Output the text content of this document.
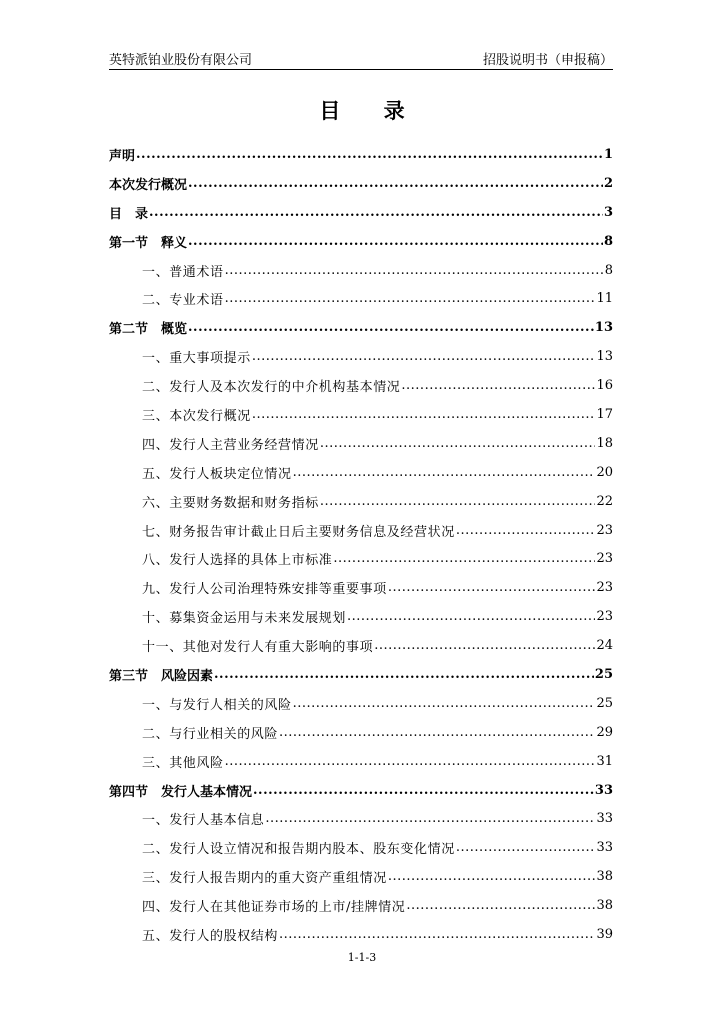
英特派铂业股份有限公司	招股说明书（申报稿）
目 录
声明 .....	1
本次发行概况 .....	2
目　录 .....	3
第一节　释义 .....	8
一、普通术语 .....	8
二、专业术语 .....	11
第二节　概览 .....	13
一、重大事项提示 .....	13
二、发行人及本次发行的中介机构基本情况 .....	16
三、本次发行概况 .....	17
四、发行人主营业务经营情况 .....	18
五、发行人板块定位情况 .....	20
六、主要财务数据和财务指标 .....	22
七、财务报告审计截止日后主要财务信息及经营状况 .....	23
八、发行人选择的具体上市标准 .....	23
九、发行人公司治理特殊安排等重要事项 .....	23
十、募集资金运用与未来发展规划 .....	23
十一、其他对发行人有重大影响的事项 .....	24
第三节　风险因素 .....	25
一、与发行人相关的风险 .....	25
二、与行业相关的风险 .....	29
三、其他风险 .....	31
第四节　发行人基本情况 .....	33
一、发行人基本信息 .....	33
二、发行人设立情况和报告期内股本、股东变化情况 .....	33
三、发行人报告期内的重大资产重组情况 .....	38
四、发行人在其他证券市场的上市/挂牌情况 .....	38
五、发行人的股权结构 .....	39
1-1-3
